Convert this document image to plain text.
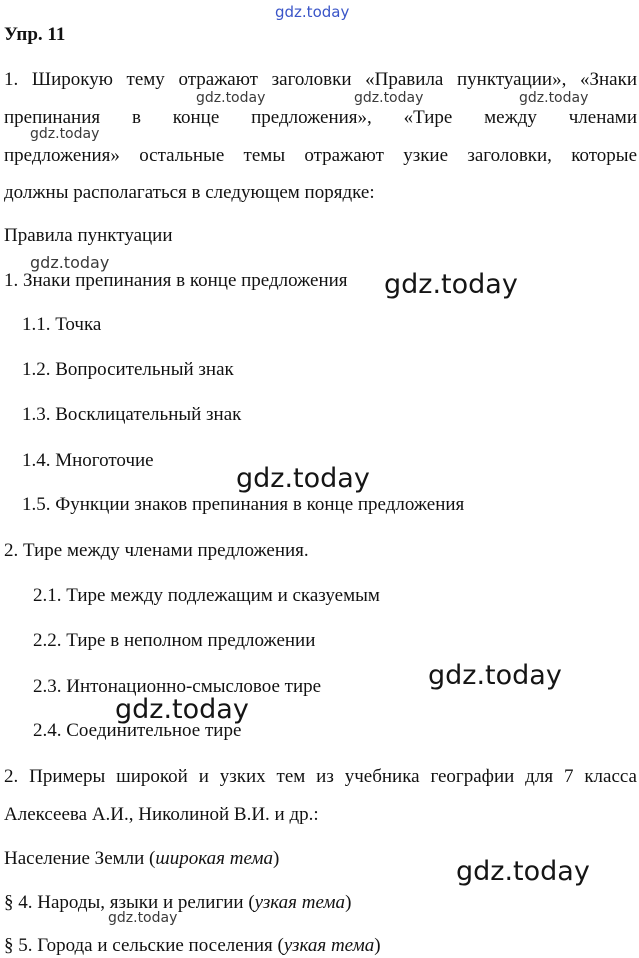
gdz.today
Упр. 11
1. Широкую тему отражают заголовки «Правила пунктуации», «Знаки
препинания в конце предложения», «Тире между членами
предложения» остальные темы отражают узкие заголовки, которые
должны располагаться в следующем порядке:
Правила пунктуации
1. Знаки препинания в конце предложения
1.1. Точка
1.2. Вопросительный знак
1.3. Восклицательный знак
1.4. Многоточие
1.5. Функции знаков препинания в конце предложения
2. Тире между членами предложения.
2.1. Тире между подлежащим и сказуемым
2.2. Тире в неполном предложении
2.3. Интонационно-смысловое тире
2.4. Соединительное тире
2. Примеры широкой и узких тем из учебника географии для 7 класса
Алексеева А.И., Николиной В.И. и др.:
Население Земли (широкая тема)
§ 4. Народы, языки и религии (узкая тема)
§ 5. Города и сельские поселения (узкая тема)
gdz.today	gdz.today	gdz.today
gdz.today
gdz.today
gdz.today
gdz.today
gdz.today
gdz.today
gdz.today
gdz.today
